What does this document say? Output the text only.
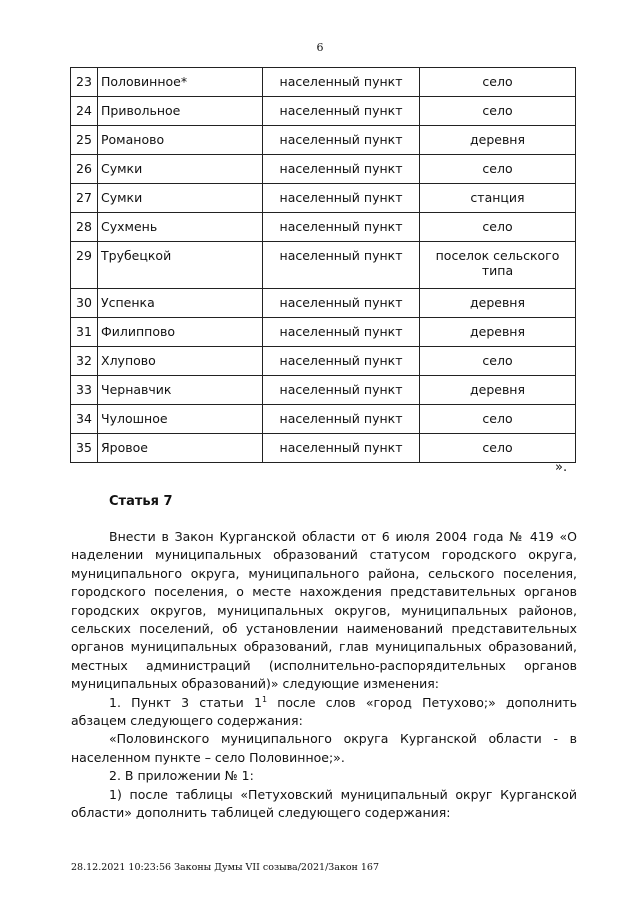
6
23	Половинное*	населенный пункт	село
24	Привольное	населенный пункт	село
25	Романово	населенный пункт	деревня
26	Сумки	населенный пункт	село
27	Сумки	населенный пункт	станция
28	Сухмень	населенный пункт	село
29	Трубецкой	населенный пункт	поселок сельского типа
30	Успенка	населенный пункт	деревня
31	Филиппово	населенный пункт	деревня
32	Хлупово	населенный пункт	село
33	Чернавчик	населенный пункт	деревня
34	Чулошное	населенный пункт	село
35	Яровое	населенный пункт	село
».
Статья 7

Внести в Закон Курганской области от 6 июля 2004 года № 419 «О наделении муниципальных образований статусом городского округа, муниципального округа, муниципального района, сельского поселения, городского поселения, о месте нахождения представительных органов городских округов, муниципальных округов, муниципальных районов, сельских поселений, об установлении наименований представительных органов муниципальных образований, глав муниципальных образований, местных администраций (исполнительно-распорядительных органов муниципальных образований)» следующие изменения:

1. Пункт 3 статьи $1^1$ после слов «город Петухово;» дополнить абзацем следующего содержания:

«Половинского муниципального округа Курганской области - в населенном пункте – село Половинное;».

2. В приложении № 1:

1) после таблицы «Петуховский муниципальный округ Курганской области» дополнить таблицей следующего содержания:

28.12.2021 10:23:56 Законы Думы VII созыва/2021/Закон 167
